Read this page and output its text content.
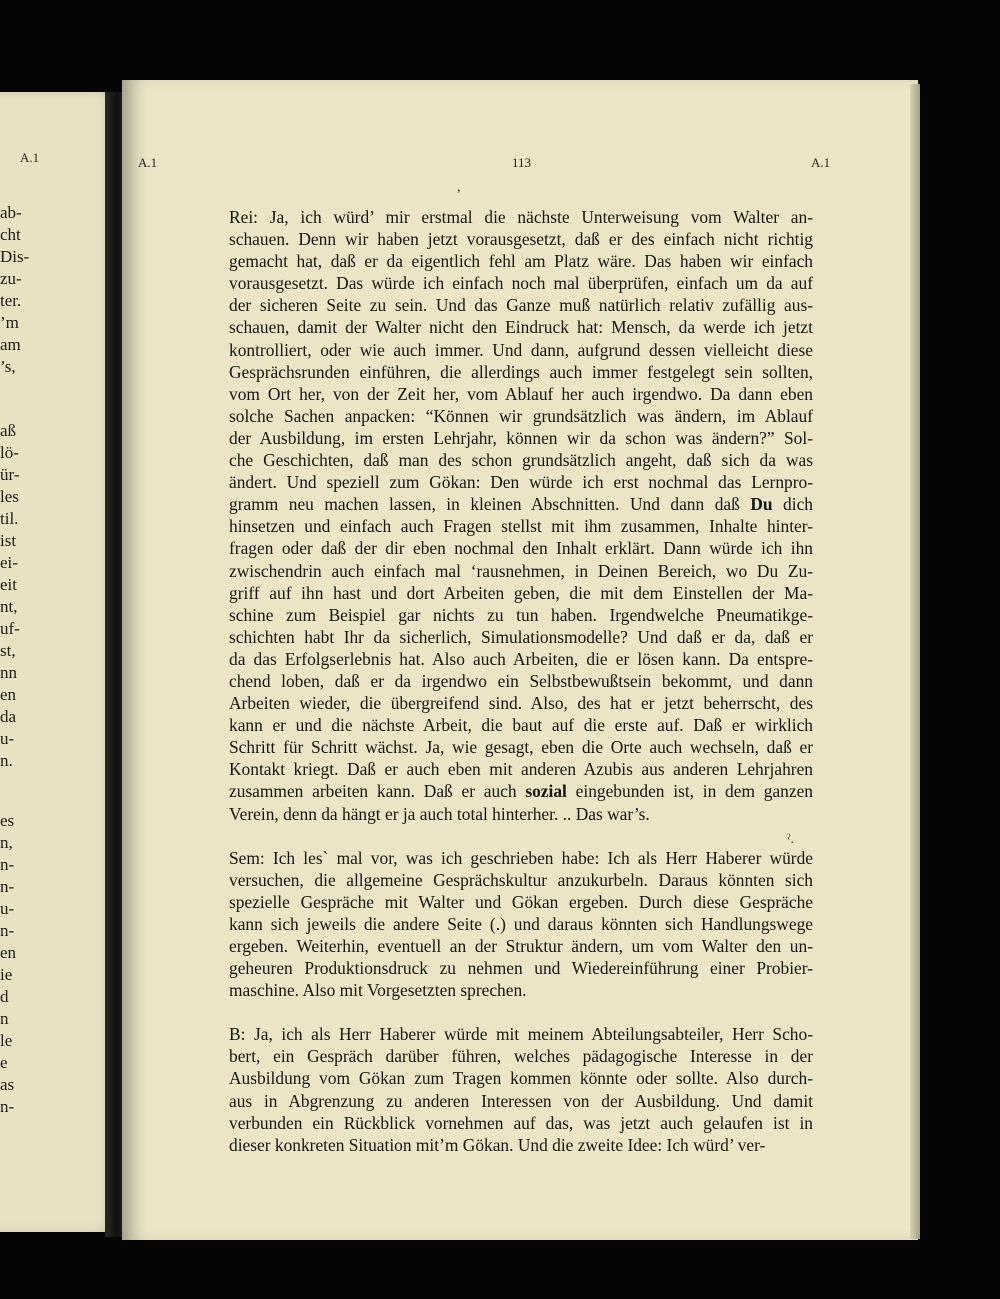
A.1
ab-
cht
Dis-
zu-
ter.
’m
am
’s,
aß
lö-
ür-
les
til.
ist
ei-
eit
nt,
uf-
st,
nn
en
da
u-
n.
es
n,
n-
n-
u-
n-
en
ie
d
n
le
e
as
n-
A.1	113	A.1
Rei: Ja, ich würd’ mir erstmal die nächste Unterweisung vom Walter an-
schauen. Denn wir haben jetzt vorausgesetzt, daß er des einfach nicht richtig
gemacht hat, daß er da eigentlich fehl am Platz wäre. Das haben wir einfach
vorausgesetzt. Das würde ich einfach noch mal überprüfen, einfach um da auf
der sicheren Seite zu sein. Und das Ganze muß natürlich relativ zufällig aus-
schauen, damit der Walter nicht den Eindruck hat: Mensch, da werde ich jetzt
kontrolliert, oder wie auch immer. Und dann, aufgrund dessen vielleicht diese
Gesprächsrunden einführen, die allerdings auch immer festgelegt sein sollten,
vom Ort her, von der Zeit her, vom Ablauf her auch irgendwo. Da dann eben
solche Sachen anpacken: “Können wir grundsätzlich was ändern, im Ablauf
der Ausbildung, im ersten Lehrjahr, können wir da schon was ändern?” Sol-
che Geschichten, daß man des schon grundsätzlich angeht, daß sich da was
ändert. Und speziell zum Gökan: Den würde ich erst nochmal das Lernpro-
gramm neu machen lassen, in kleinen Abschnitten. Und dann daß Du dich
hinsetzen und einfach auch Fragen stellst mit ihm zusammen, Inhalte hinter-
fragen oder daß der dir eben nochmal den Inhalt erklärt. Dann würde ich ihn
zwischendrin auch einfach mal ‘rausnehmen, in Deinen Bereich, wo Du Zu-
griff auf ihn hast und dort Arbeiten geben, die mit dem Einstellen der Ma-
schine zum Beispiel gar nichts zu tun haben. Irgendwelche Pneumatikge-
schichten habt Ihr da sicherlich, Simulationsmodelle? Und daß er da, daß er
da das Erfolgserlebnis hat. Also auch Arbeiten, die er lösen kann. Da entspre-
chend loben, daß er da irgendwo ein Selbstbewußtsein bekommt, und dann
Arbeiten wieder, die übergreifend sind. Also, des hat er jetzt beherrscht, des
kann er und die nächste Arbeit, die baut auf die erste auf. Daß er wirklich
Schritt für Schritt wächst. Ja, wie gesagt, eben die Orte auch wechseln, daß er
Kontakt kriegt. Daß er auch eben mit anderen Azubis aus anderen Lehrjahren
zusammen arbeiten kann. Daß er auch sozial eingebunden ist, in dem ganzen
Verein, denn da hängt er ja auch total hinterher. .. Das war’s.
Sem: Ich les` mal vor, was ich geschrieben habe: Ich als Herr Haberer würde
versuchen, die allgemeine Gesprächskultur anzukurbeln. Daraus könnten sich
spezielle Gespräche mit Walter und Gökan ergeben. Durch diese Gespräche
kann sich jeweils die andere Seite (.) und daraus könnten sich Handlungswege
ergeben. Weiterhin, eventuell an der Struktur ändern, um vom Walter den un-
geheuren Produktionsdruck zu nehmen und Wiedereinführung einer Probier-
maschine. Also mit Vorgesetzten sprechen.
B: Ja, ich als Herr Haberer würde mit meinem Abteilungsabteiler, Herr Scho-
bert, ein Gespräch darüber führen, welches pädagogische Interesse in der
Ausbildung vom Gökan zum Tragen kommen könnte oder sollte. Also durch-
aus in Abgrenzung zu anderen Interessen von der Ausbildung. Und damit
verbunden ein Rückblick vornehmen auf das, was jetzt auch gelaufen ist in
dieser konkreten Situation mit’m Gökan. Und die zweite Idee: Ich würd’ ver-
,
ˀ.
